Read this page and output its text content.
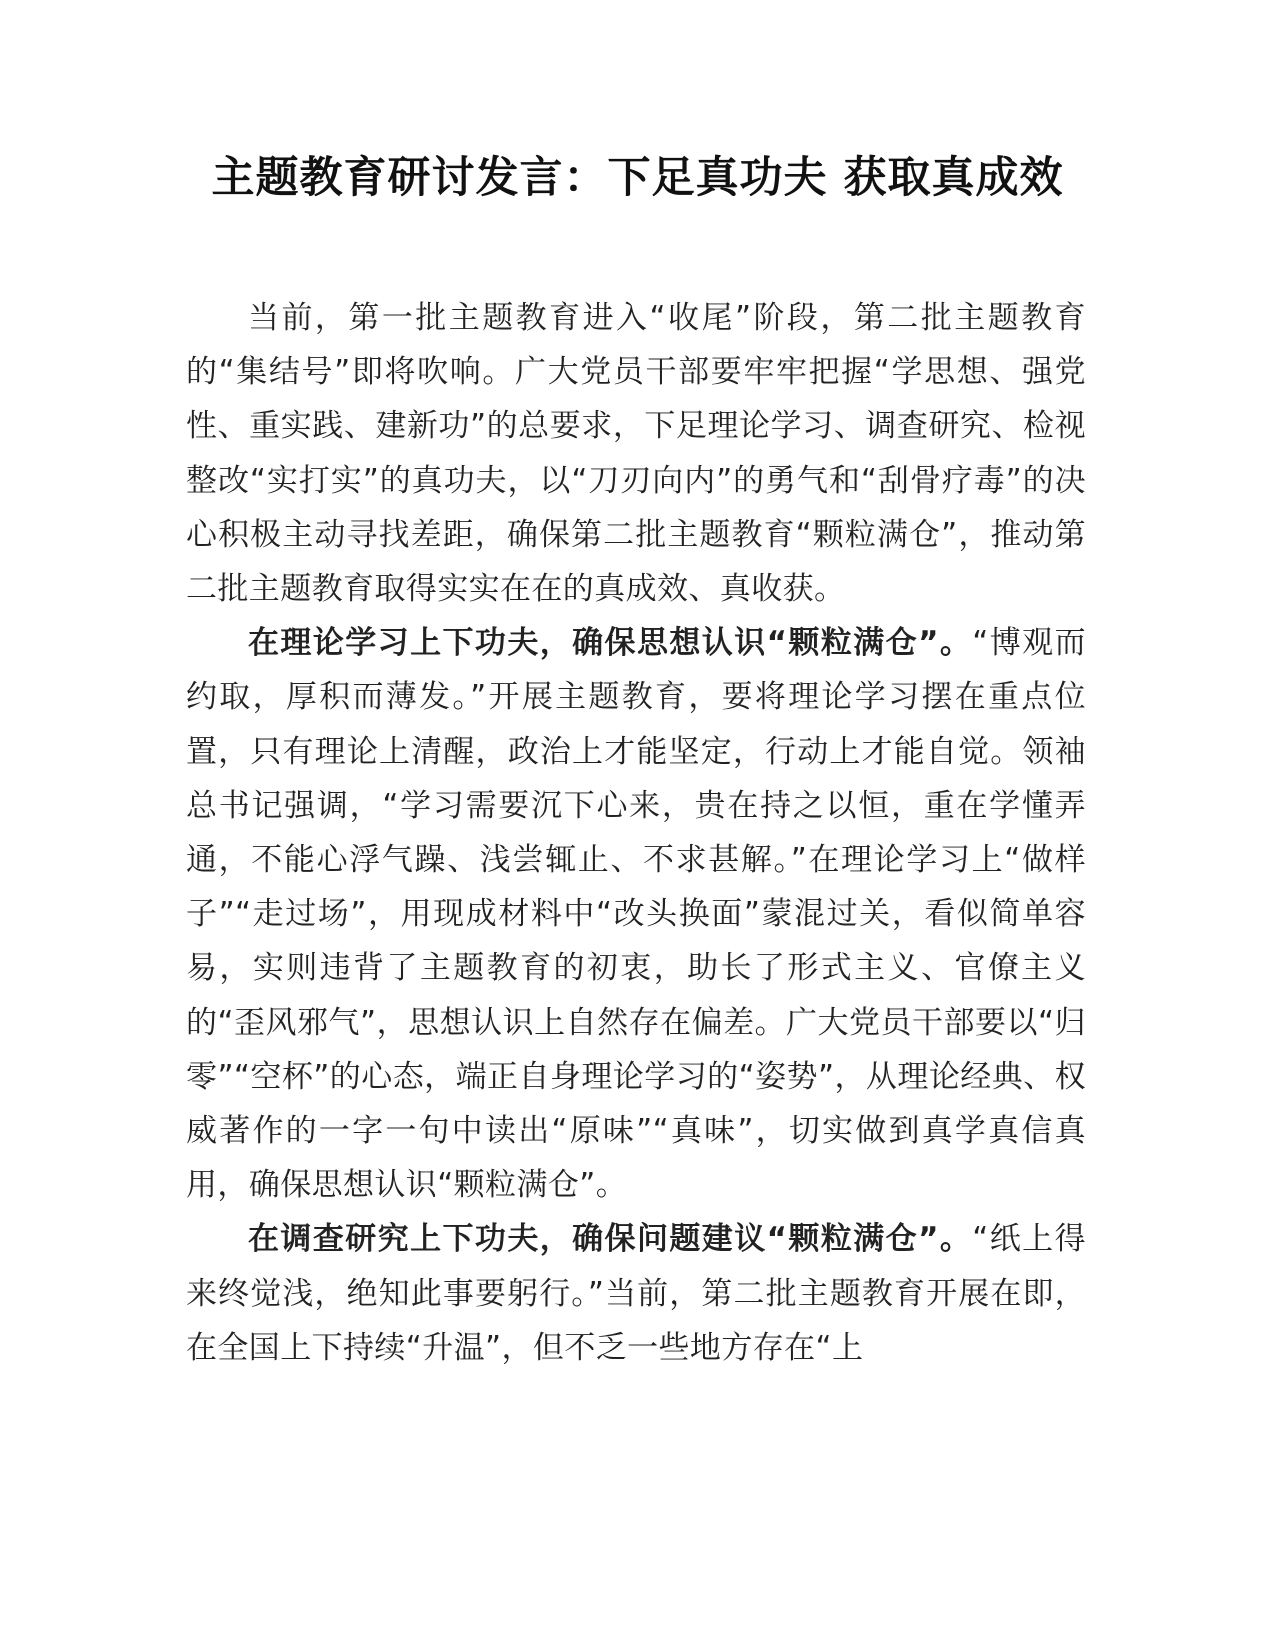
主题教育研讨发言：下足真功夫 获取真成效

当前，第一批主题教育进入“收尾”阶段，第二批主题教育的“集结号”即将吹响。广大党员干部要牢牢把握“学思想、强党性、重实践、建新功”的总要求，下足理论学习、调查研究、检视整改“实打实”的真功夫，以“刀刃向内”的勇气和“刮骨疗毒”的决心积极主动寻找差距，确保第二批主题教育“颗粒满仓”，推动第二批主题教育取得实实在在的真成效、真收获。

在理论学习上下功夫，确保思想认识“颗粒满仓”。“博观而约取，厚积而薄发。”开展主题教育，要将理论学习摆在重点位置，只有理论上清醒，政治上才能坚定，行动上才能自觉。领袖总书记强调，“学习需要沉下心来，贵在持之以恒，重在学懂弄通，不能心浮气躁、浅尝辄止、不求甚解。”在理论学习上“做样子”“走过场”，用现成材料中“改头换面”蒙混过关，看似简单容易，实则违背了主题教育的初衷，助长了形式主义、官僚主义的“歪风邪气”，思想认识上自然存在偏差。广大党员干部要以“归零”“空杯”的心态，端正自身理论学习的“姿势”，从理论经典、权威著作的一字一句中读出“原味”“真味”，切实做到真学真信真用，确保思想认识“颗粒满仓”。

在调查研究上下功夫，确保问题建议“颗粒满仓”。“纸上得来终觉浅，绝知此事要躬行。”当前，第二批主题教育开展在即，在全国上下持续“升温”，但不乏一些地方存在“上
